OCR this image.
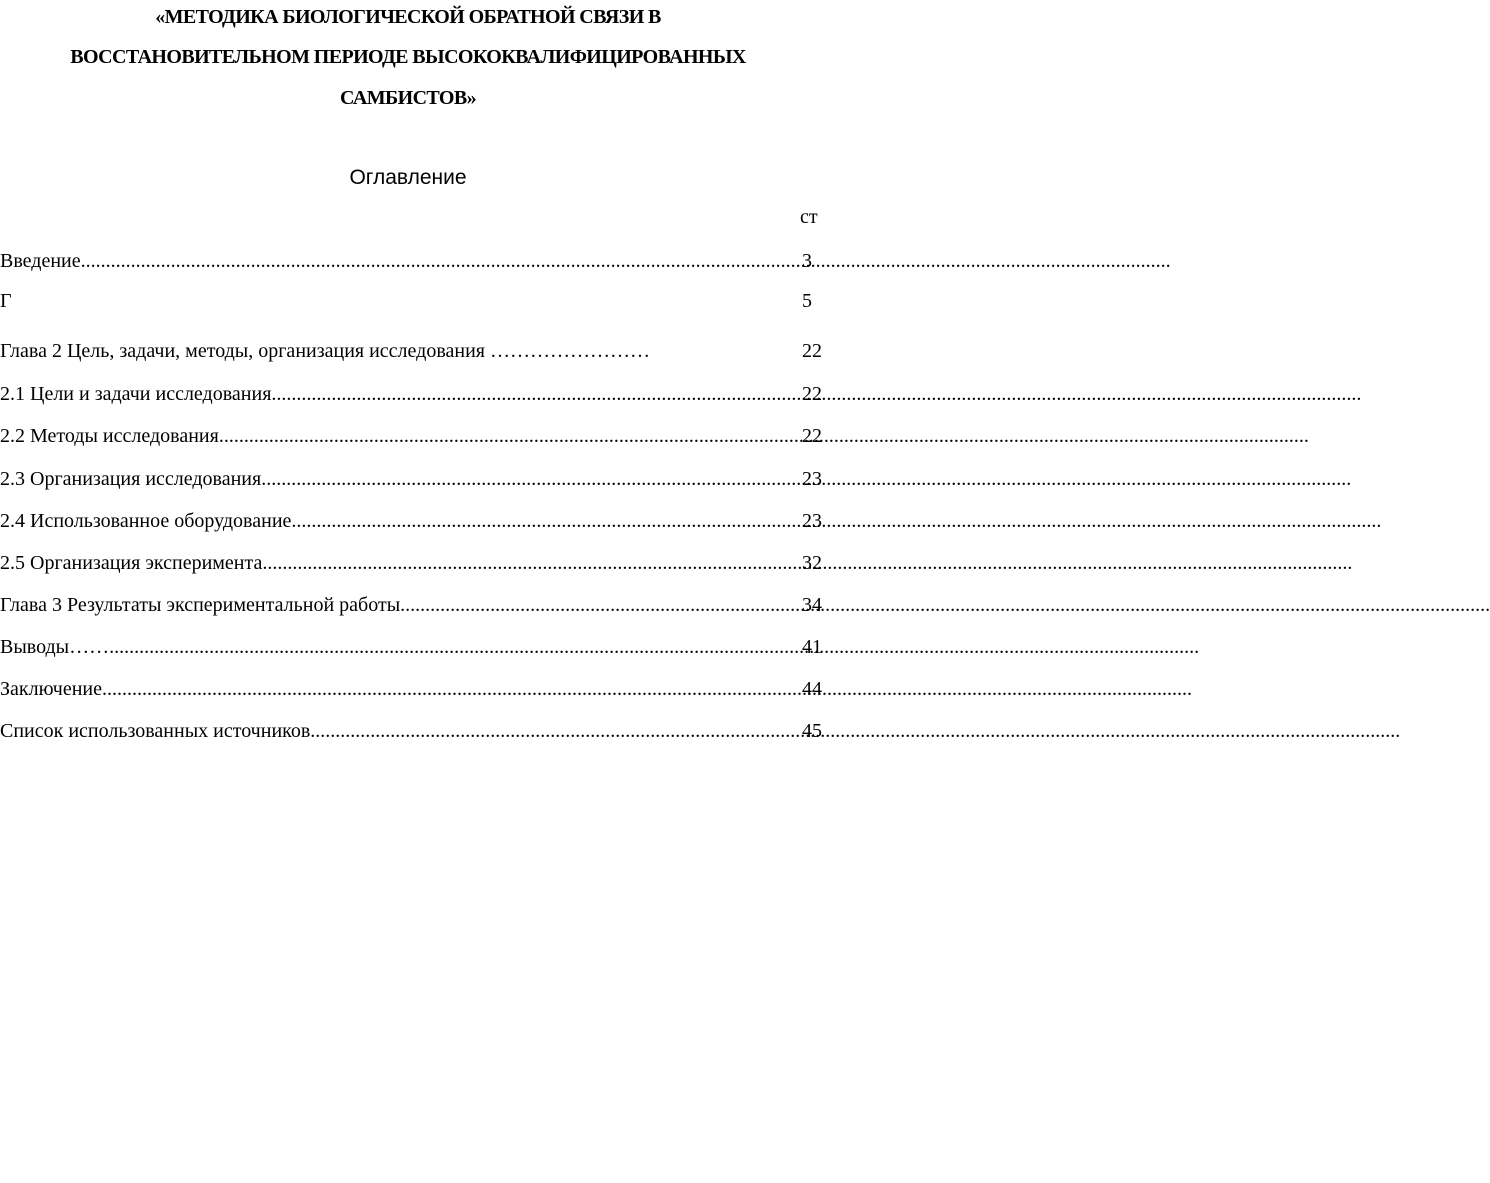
«МЕТОДИКА БИОЛОГИЧЕСКОЙ ОБРАТНОЙ СВЯЗИ В
ВОССТАНОВИТЕЛЬНОМ ПЕРИОДЕ ВЫСОКОКВАЛИФИЦИРОВАННЫХ
САМБИСТОВ»
Оглавление
ст
Введение .....	3
Г	5
Глава 2 Цель, задачи, методы, организация исследования ……………………	22
2.1 Цели и задачи исследования .....	22
2.2 Методы исследования .....	22
2.3 Организация исследования .....	23
2.4 Использованное оборудование .....	23
2.5 Организация эксперимента .....	32
Глава 3 Результаты экспериментальной работы .....	34
Выводы…… .....	41
Заключение .....	44
Список использованных источников .....	45
